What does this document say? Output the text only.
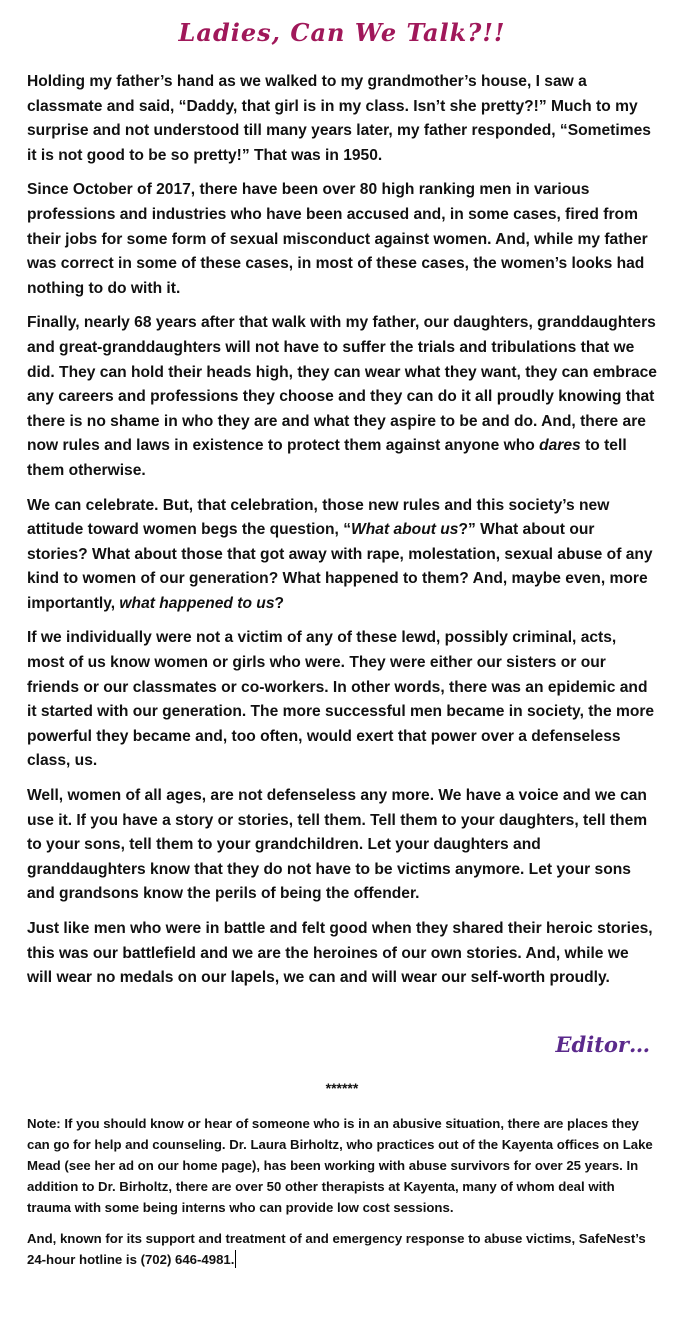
Ladies, Can We Talk?!!

Holding my father’s hand as we walked to my grandmother’s house, I saw a classmate and said, “Daddy, that girl is in my class. Isn’t she pretty?!” Much to my surprise and not understood till many years later, my father responded, “Sometimes it is not good to be so pretty!” That was in 1950.

Since October of 2017, there have been over 80 high ranking men in various professions and industries who have been accused and, in some cases, fired from their jobs for some form of sexual misconduct against women. And, while my father was correct in some of these cases, in most of these cases, the women’s looks had nothing to do with it.

Finally, nearly 68 years after that walk with my father, our daughters, granddaughters and great-granddaughters will not have to suffer the trials and tribulations that we did. They can hold their heads high, they can wear what they want, they can embrace any careers and professions they choose and they can do it all proudly knowing that there is no shame in who they are and what they aspire to be and do. And, there are now rules and laws in existence to protect them against anyone who dares to tell them otherwise.

We can celebrate. But, that celebration, those new rules and this society’s new attitude toward women begs the question, “What about us?” What about our stories? What about those that got away with rape, molestation, sexual abuse of any kind to women of our generation? What happened to them? And, maybe even, more importantly, what happened to us?

If we individually were not a victim of any of these lewd, possibly criminal, acts, most of us know women or girls who were. They were either our sisters or our friends or our classmates or co-workers. In other words, there was an epidemic and it started with our generation. The more successful men became in society, the more powerful they became and, too often, would exert that power over a defenseless class, us.

Well, women of all ages, are not defenseless any more. We have a voice and we can use it. If you have a story or stories, tell them. Tell them to your daughters, tell them to your sons, tell them to your grandchildren. Let your daughters and granddaughters know that they do not have to be victims anymore. Let your sons and grandsons know the perils of being the offender.

Just like men who were in battle and felt good when they shared their heroic stories, this was our battlefield and we are the heroines of our own stories. And, while we will wear no medals on our lapels, we can and will wear our self-worth proudly.

Editor…
******

Note: If you should know or hear of someone who is in an abusive situation, there are places they can go for help and counseling. Dr. Laura Birholtz, who practices out of the Kayenta offices on Lake Mead (see her ad on our home page), has been working with abuse survivors for over 25 years. In addition to Dr. Birholtz, there are over 50 other therapists at Kayenta, many of whom deal with trauma with some being interns who can provide low cost sessions.

And, known for its support and treatment of and emergency response to abuse victims, SafeNest’s 24-hour hotline is (702) 646-4981.
